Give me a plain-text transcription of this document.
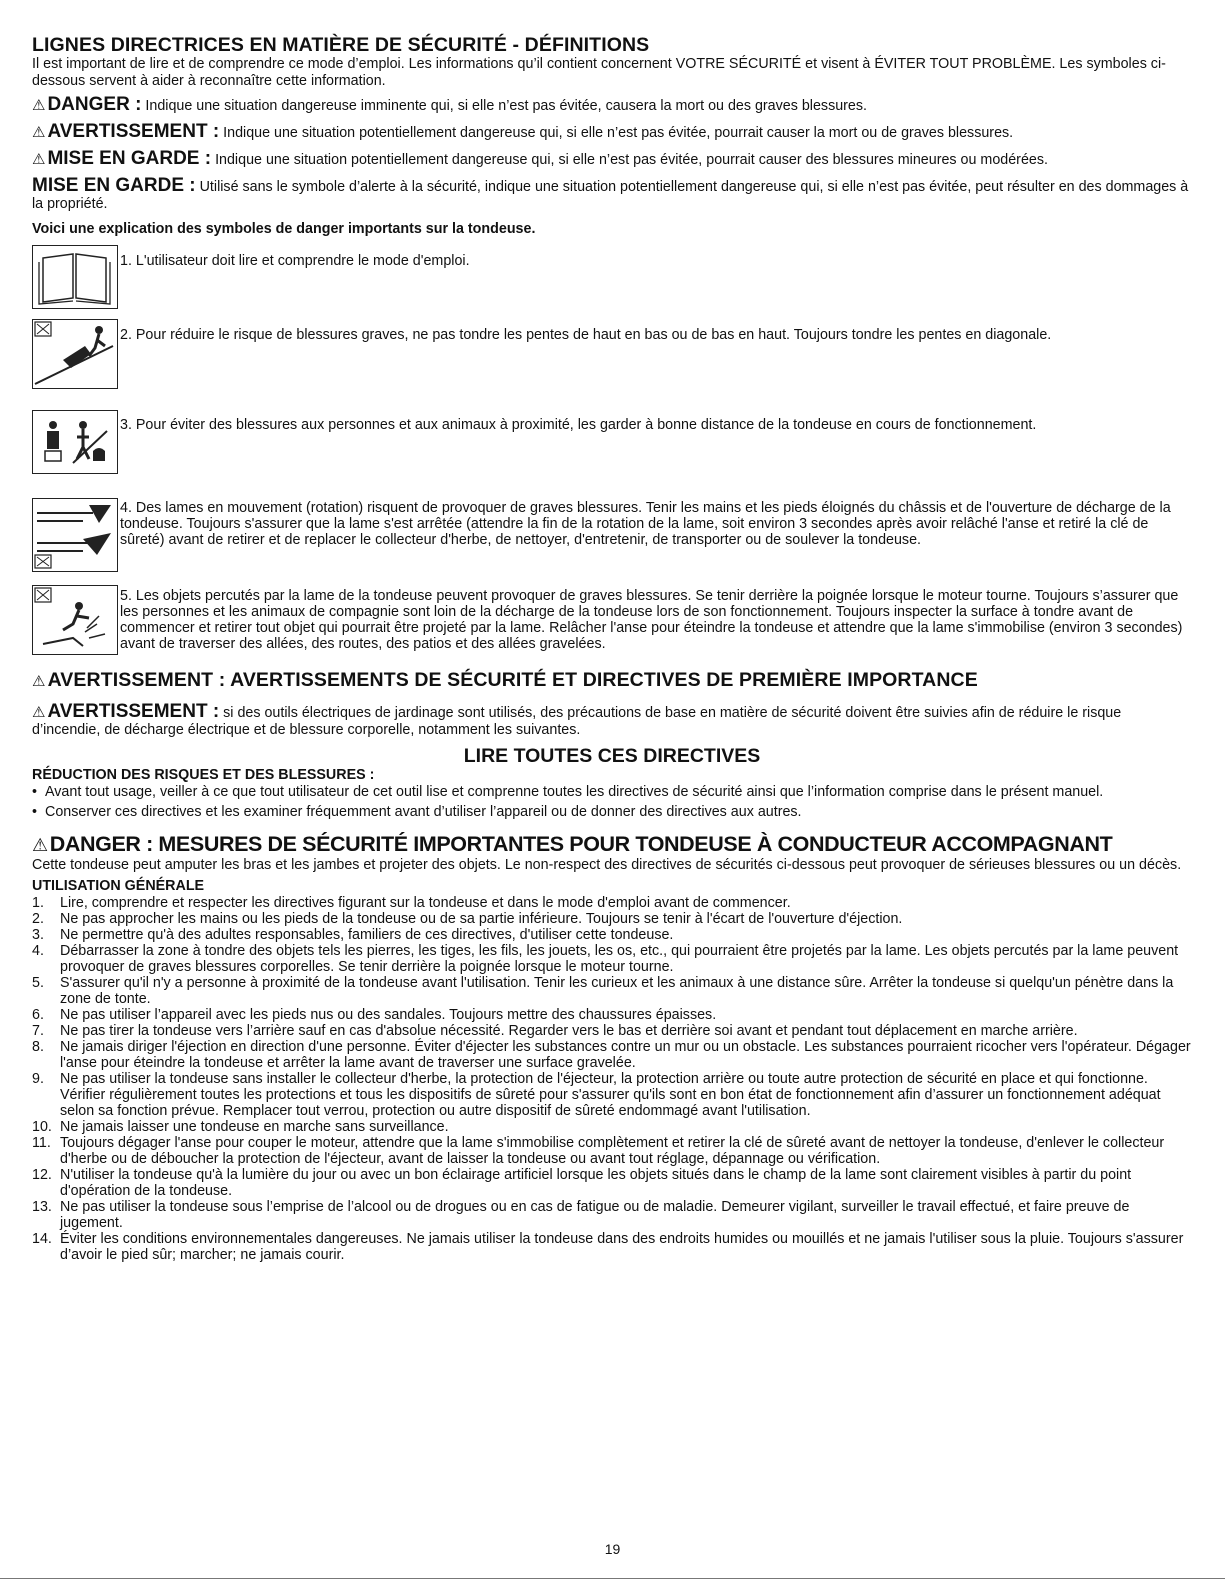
LIGNES DIRECTRICES EN MATIÈRE DE SÉCURITÉ - DÉFINITIONS

Il est important de lire et de comprendre ce mode d’emploi. Les informations qu’il contient concernent VOTRE SÉCURITÉ et visent à ÉVITER TOUT PROBLÈME. Les symboles ci-dessous servent à aider à reconnaître cette information.

⚠ DANGER : Indique une situation dangereuse imminente qui, si elle n’est pas évitée, causera la mort ou des graves blessures.

⚠ AVERTISSEMENT : Indique une situation potentiellement dangereuse qui, si elle n’est pas évitée, pourrait causer la mort ou de graves blessures.

⚠ MISE EN GARDE : Indique une situation potentiellement dangereuse qui, si elle n’est pas évitée, pourrait causer des blessures mineures ou modérées.

MISE EN GARDE : Utilisé sans le symbole d’alerte à la sécurité, indique une situation potentiellement dangereuse qui, si elle n’est pas évitée, peut résulter en des dommages à la propriété.

Voici une explication des symboles de danger importants sur la tondeuse.

1. L'utilisateur doit lire et comprendre le mode d'emploi.

2. Pour réduire le risque de blessures graves, ne pas tondre les pentes de haut en bas ou de bas en haut. Toujours tondre les pentes en diagonale.

3. Pour éviter des blessures aux personnes et aux animaux à proximité, les garder à bonne distance de la tondeuse en cours de fonctionnement.

4. Des lames en mouvement (rotation) risquent de provoquer de graves blessures. Tenir les mains et les pieds éloignés du châssis et de l'ouverture de décharge de la tondeuse. Toujours s'assurer que la lame s'est arrêtée (attendre la fin de la rotation de la lame, soit environ 3 secondes après avoir relâché l'anse et retiré la clé de sûreté) avant de retirer et de replacer le collecteur d'herbe, de nettoyer, d'entretenir, de transporter ou de soulever la tondeuse.

5. Les objets percutés par la lame de la tondeuse peuvent provoquer de graves blessures. Se tenir derrière la poignée lorsque le moteur tourne. Toujours s’assurer que les personnes et les animaux de compagnie sont loin de la décharge de la tondeuse lors de son fonctionnement. Toujours inspecter la surface à tondre avant de commencer et retirer tout objet qui pourrait être projeté par la lame. Relâcher l'anse pour éteindre la tondeuse et attendre que la lame s'immobilise (environ 3 secondes) avant de traverser des allées, des routes, des patios et des allées gravelées.

⚠ AVERTISSEMENT : AVERTISSEMENTS DE SÉCURITÉ ET DIRECTIVES DE PREMIÈRE IMPORTANCE

⚠ AVERTISSEMENT : si des outils électriques de jardinage sont utilisés, des précautions de base en matière de sécurité doivent être suivies afin de réduire le risque d’incendie, de décharge électrique et de blessure corporelle, notamment les suivantes.

LIRE TOUTES CES DIRECTIVES

RÉDUCTION DES RISQUES ET DES BLESSURES :

• Avant tout usage, veiller à ce que tout utilisateur de cet outil lise et comprenne toutes les directives de sécurité ainsi que l’information comprise dans le présent manuel.
• Conserver ces directives et les examiner fréquemment avant d’utiliser l’appareil ou de donner des directives aux autres.

⚠DANGER : MESURES DE SÉCURITÉ IMPORTANTES POUR TONDEUSE À CONDUCTEUR ACCOMPAGNANT

Cette tondeuse peut amputer les bras et les jambes et projeter des objets. Le non-respect des directives de sécurités ci-dessous peut provoquer de sérieuses blessures ou un décès.

UTILISATION GÉNÉRALE

1. Lire, comprendre et respecter les directives figurant sur la tondeuse et dans le mode d'emploi avant de commencer.
2. Ne pas approcher les mains ou les pieds de la tondeuse ou de sa partie inférieure. Toujours se tenir à l'écart de l'ouverture d'éjection.
3. Ne permettre qu'à des adultes responsables, familiers de ces directives, d'utiliser cette tondeuse.
4. Débarrasser la zone à tondre des objets tels les pierres, les tiges, les fils, les jouets, les os, etc., qui pourraient être projetés par la lame. Les objets percutés par la lame peuvent provoquer de graves blessures corporelles. Se tenir derrière la poignée lorsque le moteur tourne.
5. S'assurer qu'il n'y a personne à proximité de la tondeuse avant l'utilisation. Tenir les curieux et les animaux à une distance sûre. Arrêter la tondeuse si quelqu'un pénètre dans la zone de tonte.
6. Ne pas utiliser l’appareil avec les pieds nus ou des sandales. Toujours mettre des chaussures épaisses.
7. Ne pas tirer la tondeuse vers l’arrière sauf en cas d'absolue nécessité. Regarder vers le bas et derrière soi avant et pendant tout déplacement en marche arrière.
8. Ne jamais diriger l'éjection en direction d'une personne. Éviter d'éjecter les substances contre un mur ou un obstacle. Les substances pourraient ricocher vers l'opérateur. Dégager l'anse pour éteindre la tondeuse et arrêter la lame avant de traverser une surface gravelée.
9. Ne pas utiliser la tondeuse sans installer le collecteur d'herbe, la protection de l'éjecteur, la protection arrière ou toute autre protection de sécurité en place et qui fonctionne. Vérifier régulièrement toutes les protections et tous les dispositifs de sûreté pour s'assurer qu'ils sont en bon état de fonctionnement afin d’assurer un fonctionnement adéquat selon sa fonction prévue. Remplacer tout verrou, protection ou autre dispositif de sûreté endommagé avant l'utilisation.
10. Ne jamais laisser une tondeuse en marche sans surveillance.
11. Toujours dégager l'anse pour couper le moteur, attendre que la lame s'immobilise complètement et retirer la clé de sûreté avant de nettoyer la tondeuse, d'enlever le collecteur d'herbe ou de déboucher la protection de l'éjecteur, avant de laisser la tondeuse ou avant tout réglage, dépannage ou vérification.
12. N'utiliser la tondeuse qu'à la lumière du jour ou avec un bon éclairage artificiel lorsque les objets situés dans le champ de la lame sont clairement visibles à partir du point d'opération de la tondeuse.
13. Ne pas utiliser la tondeuse sous l’emprise de l’alcool ou de drogues ou en cas de fatigue ou de maladie. Demeurer vigilant, surveiller le travail effectué, et faire preuve de jugement.
14. Éviter les conditions environnementales dangereuses. Ne jamais utiliser la tondeuse dans des endroits humides ou mouillés et ne jamais l'utiliser sous la pluie. Toujours s'assurer d’avoir le pied sûr; marcher; ne jamais courir.
19
